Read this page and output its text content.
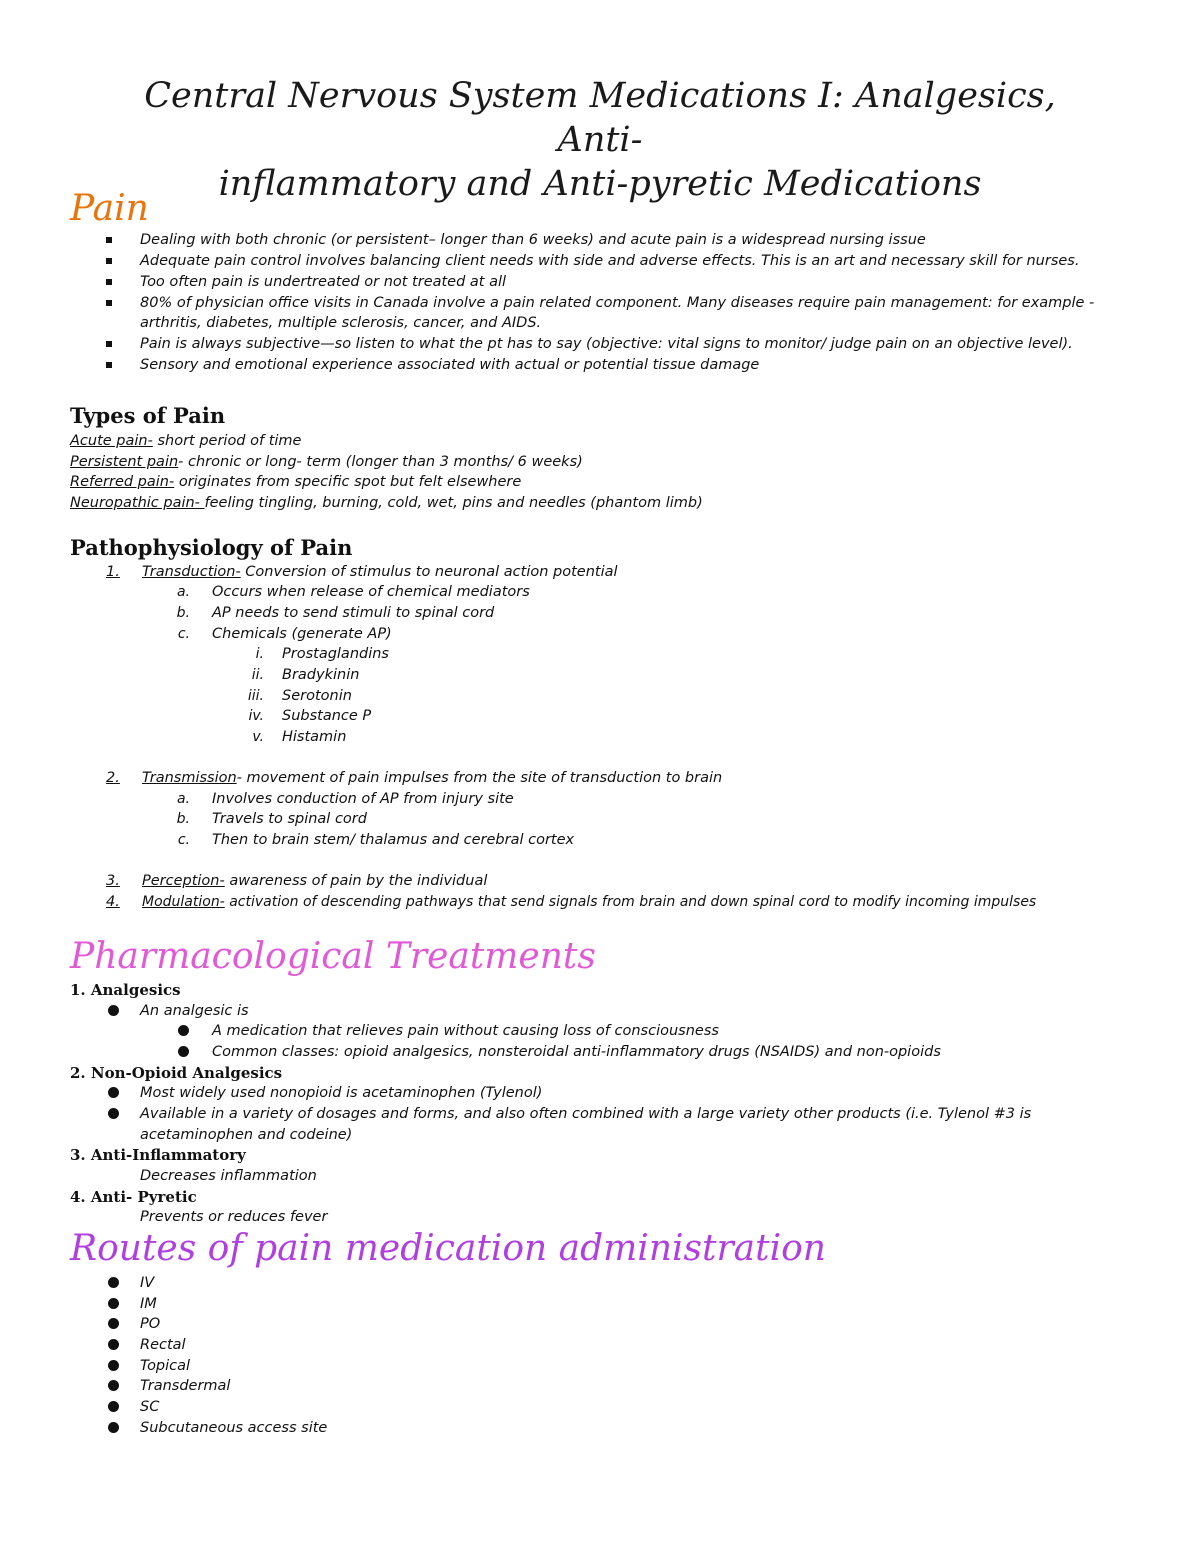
Central Nervous System Medications I: Analgesics, Anti-
inflammatory and Anti-pyretic Medications
Pain
Dealing with both chronic (or persistent– longer than 6 weeks) and acute pain is a widespread nursing issue
Adequate pain control involves balancing client needs with side and adverse effects. This is an art and necessary skill for nurses.
Too often pain is undertreated or not treated at all
80% of physician office visits in Canada involve a pain related component. Many diseases require pain management: for example -
arthritis, diabetes, multiple sclerosis, cancer, and AIDS.
Pain is always subjective—so listen to what the pt has to say (objective: vital signs to monitor/ judge pain on an objective level).
Sensory and emotional experience associated with actual or potential tissue damage
Types of Pain
Acute pain- short period of time
Persistent pain- chronic or long- term (longer than 3 months/ 6 weeks)
Referred pain- originates from specific spot but felt elsewhere
Neuropathic pain- feeling tingling, burning, cold, wet, pins and needles (phantom limb)
Pathophysiology of Pain
1. Transduction- Conversion of stimulus to neuronal action potential
a. Occurs when release of chemical mediators
b. AP needs to send stimuli to spinal cord
c. Chemicals (generate AP)
i. Prostaglandins
ii. Bradykinin
iii. Serotonin
iv. Substance P
v. Histamin
2. Transmission- movement of pain impulses from the site of transduction to brain
a. Involves conduction of AP from injury site
b. Travels to spinal cord
c. Then to brain stem/ thalamus and cerebral cortex
3. Perception- awareness of pain by the individual
4. Modulation- activation of descending pathways that send signals from brain and down spinal cord to modify incoming impulses
Pharmacological Treatments
1. Analgesics
An analgesic is
A medication that relieves pain without causing loss of consciousness
Common classes: opioid analgesics, nonsteroidal anti-inflammatory drugs (NSAIDS) and non-opioids
2. Non-Opioid Analgesics
Most widely used nonopioid is acetaminophen (Tylenol)
Available in a variety of dosages and forms, and also often combined with a large variety other products (i.e. Tylenol #3 is
acetaminophen and codeine)
3. Anti-Inflammatory
Decreases inflammation
4. Anti- Pyretic
Prevents or reduces fever
Routes of pain medication administration
IV
IM
PO
Rectal
Topical
Transdermal
SC
Subcutaneous access site
